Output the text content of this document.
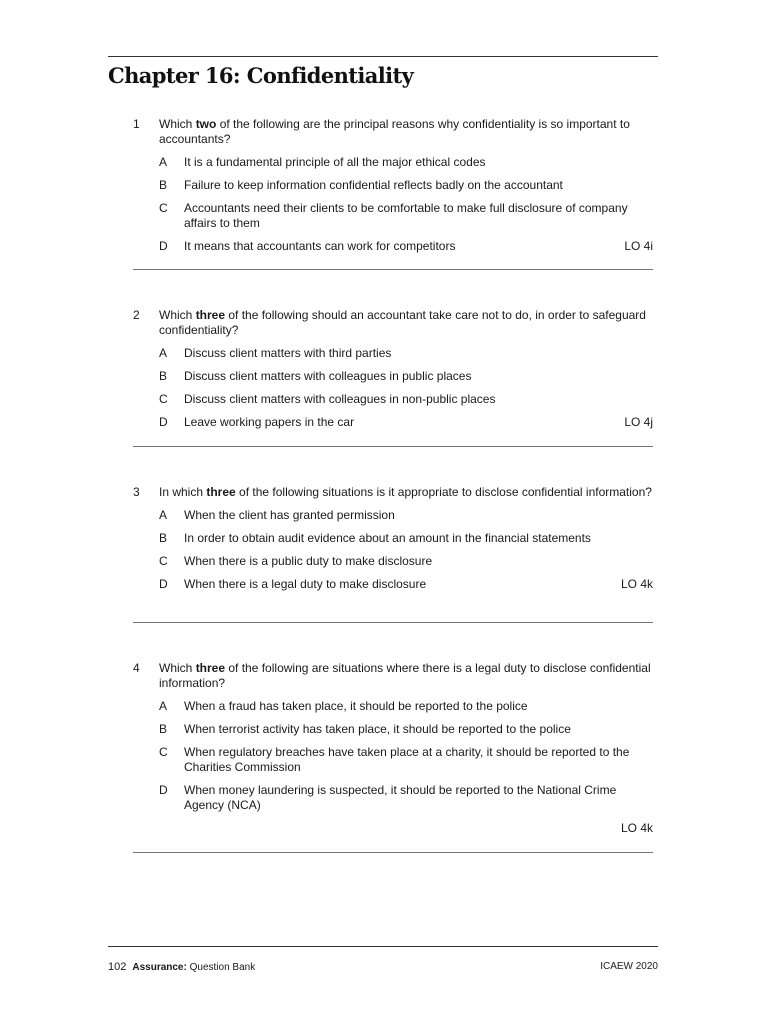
Chapter 16: Confidentiality
1	Which two of the following are the principal reasons why confidentiality is so important to accountants?
A	It is a fundamental principle of all the major ethical codes
B	Failure to keep information confidential reflects badly on the accountant
C	Accountants need their clients to be comfortable to make full disclosure of company affairs to them
D	It means that accountants can work for competitors	LO 4i
2	Which three of the following should an accountant take care not to do, in order to safeguard confidentiality?
A	Discuss client matters with third parties
B	Discuss client matters with colleagues in public places
C	Discuss client matters with colleagues in non-public places
D	Leave working papers in the car	LO 4j
3	In which three of the following situations is it appropriate to disclose confidential information?
A	When the client has granted permission
B	In order to obtain audit evidence about an amount in the financial statements
C	When there is a public duty to make disclosure
D	When there is a legal duty to make disclosure	LO 4k
4	Which three of the following are situations where there is a legal duty to disclose confidential information?
A	When a fraud has taken place, it should be reported to the police
B	When terrorist activity has taken place, it should be reported to the police
C	When regulatory breaches have taken place at a charity, it should be reported to the Charities Commission
D	When money laundering is suspected, it should be reported to the National Crime Agency (NCA)
LO 4k
102 Assurance: Question Bank	ICAEW 2020
